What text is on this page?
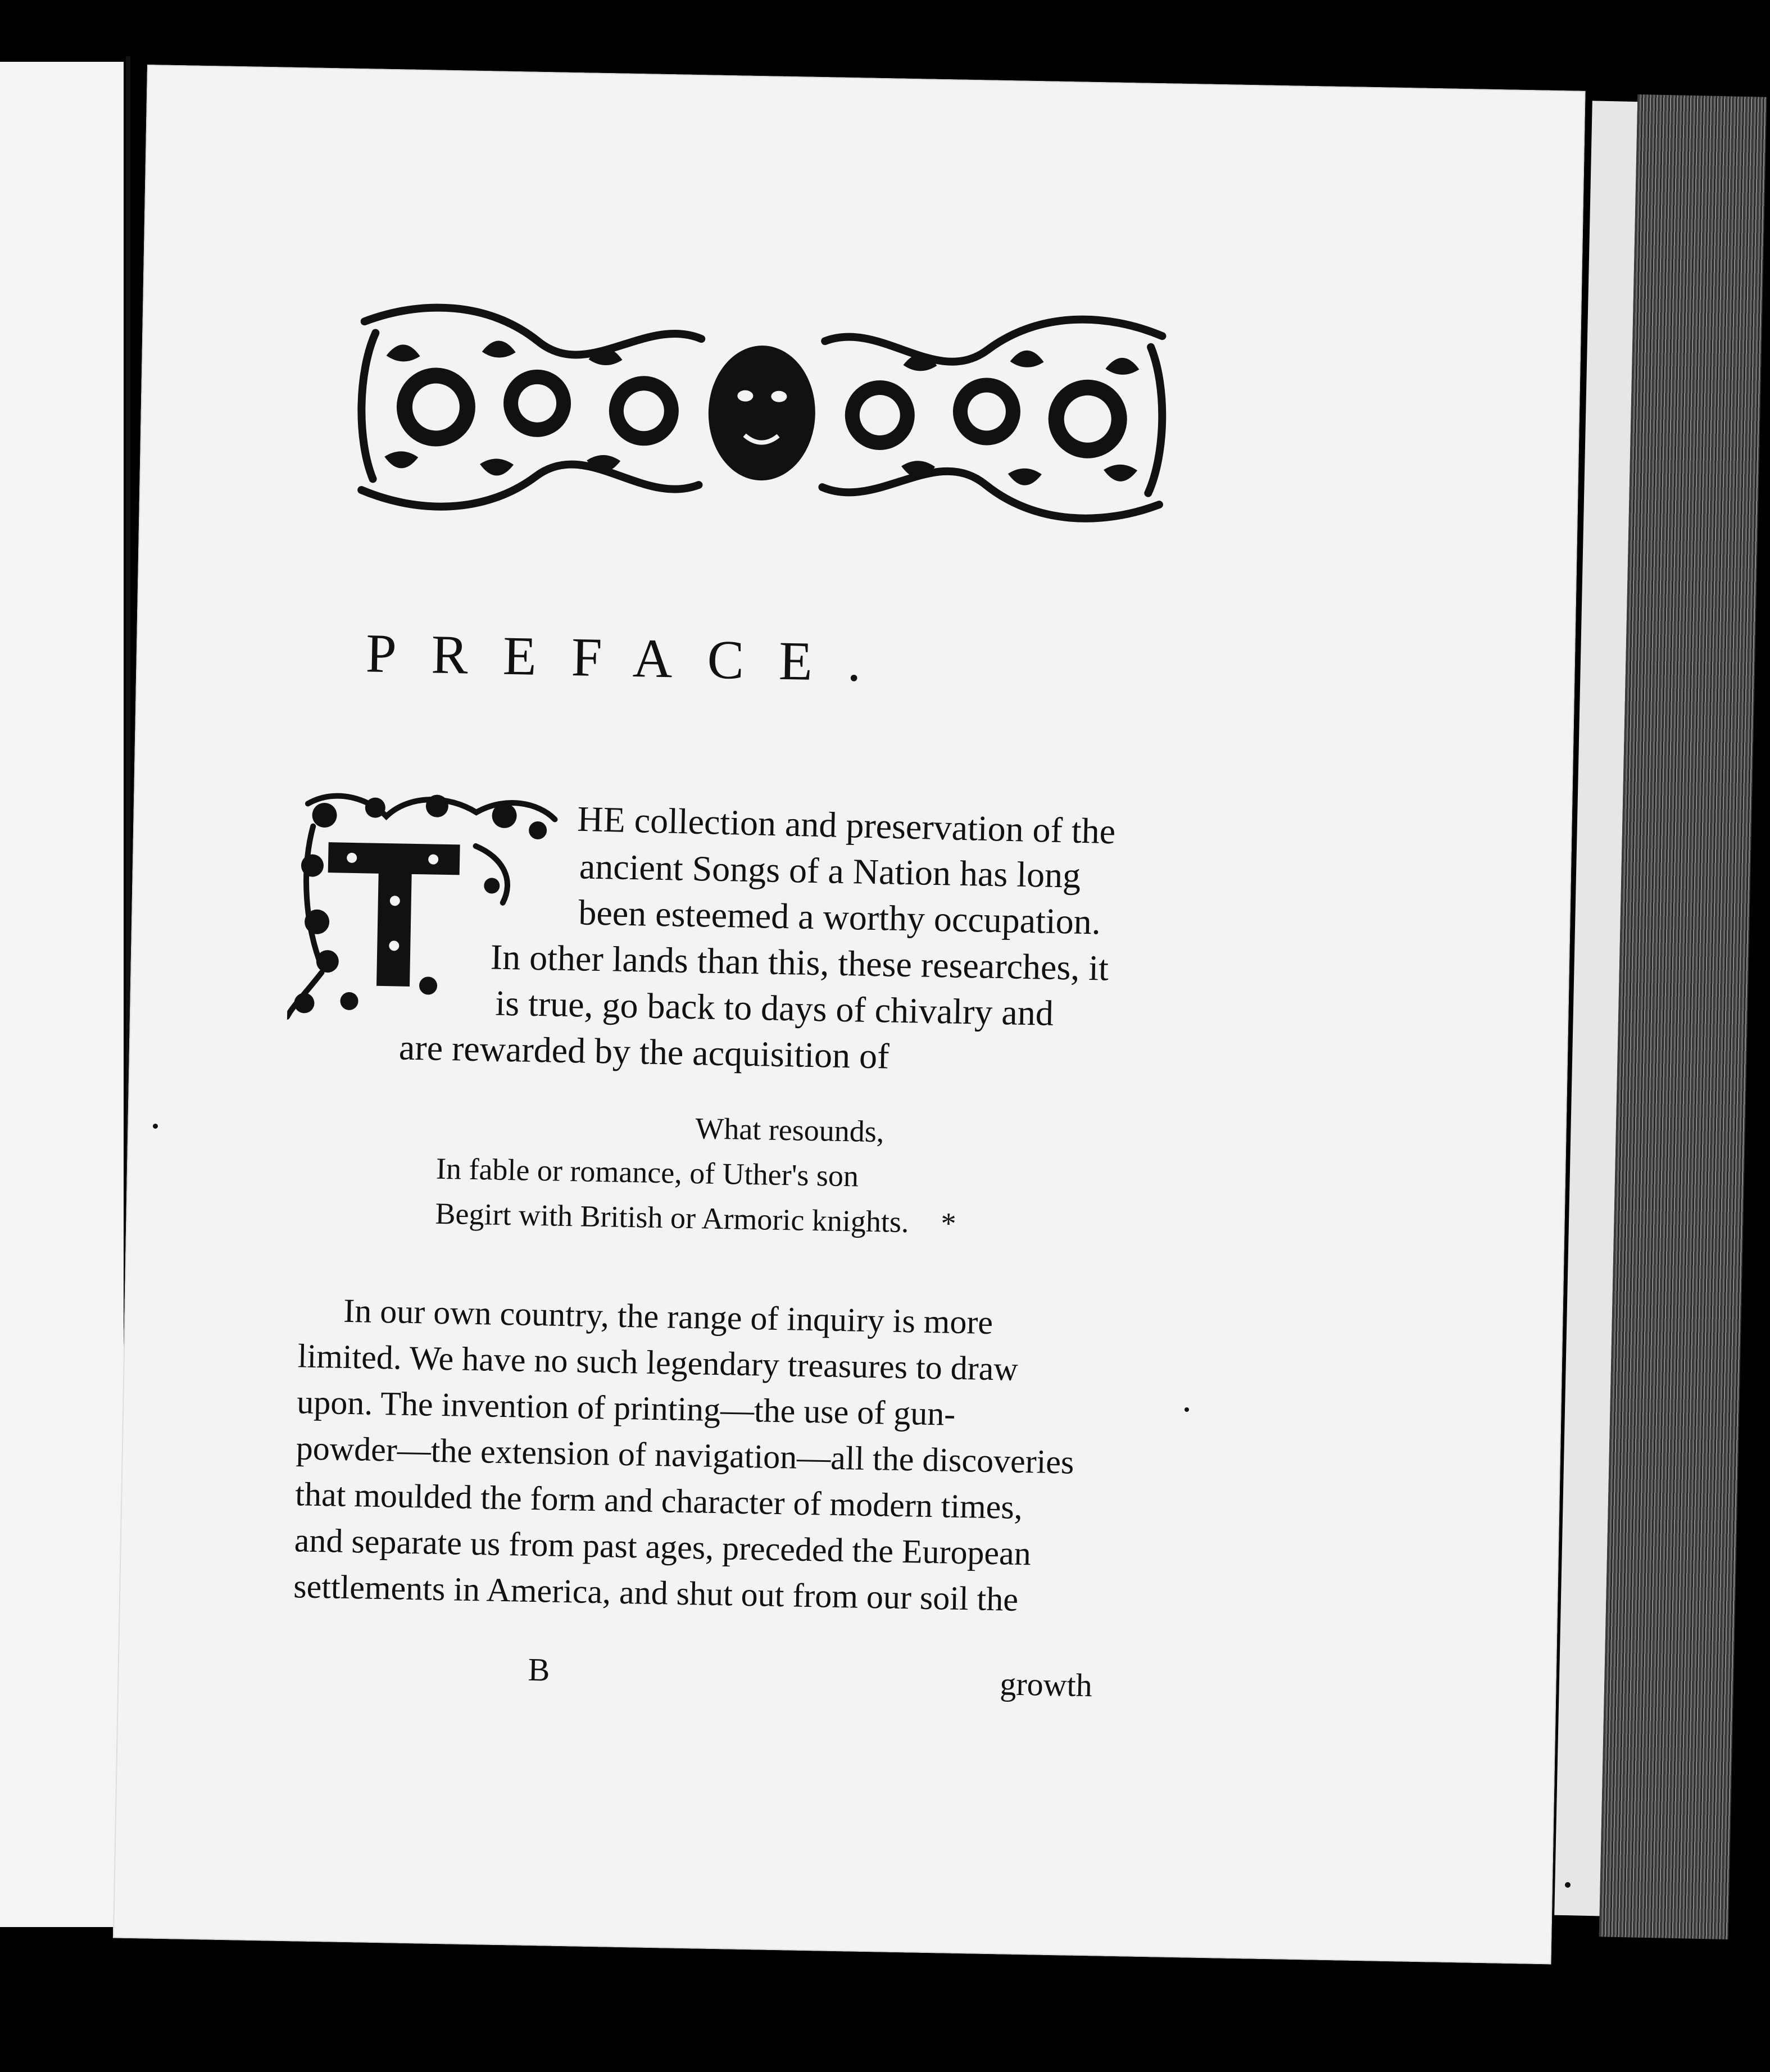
PREFACE.
T
HE collection and preservation of the
ancient Songs of a Nation has long
been esteemed a worthy occupation.
In other lands than this, these researches, it
is true, go back to days of chivalry and
are rewarded by the acquisition of
What resounds,
In fable or romance, of Uther's son
Begirt with British or Armoric knights. *
In our own country, the range of inquiry is more
limited. We have no such legendary treasures to draw
upon. The invention of printing—the use of gun-
powder—the extension of navigation—all the discoveries
that moulded the form and character of modern times,
and separate us from past ages, preceded the European
settlements in America, and shut out from our soil the
B	growth
